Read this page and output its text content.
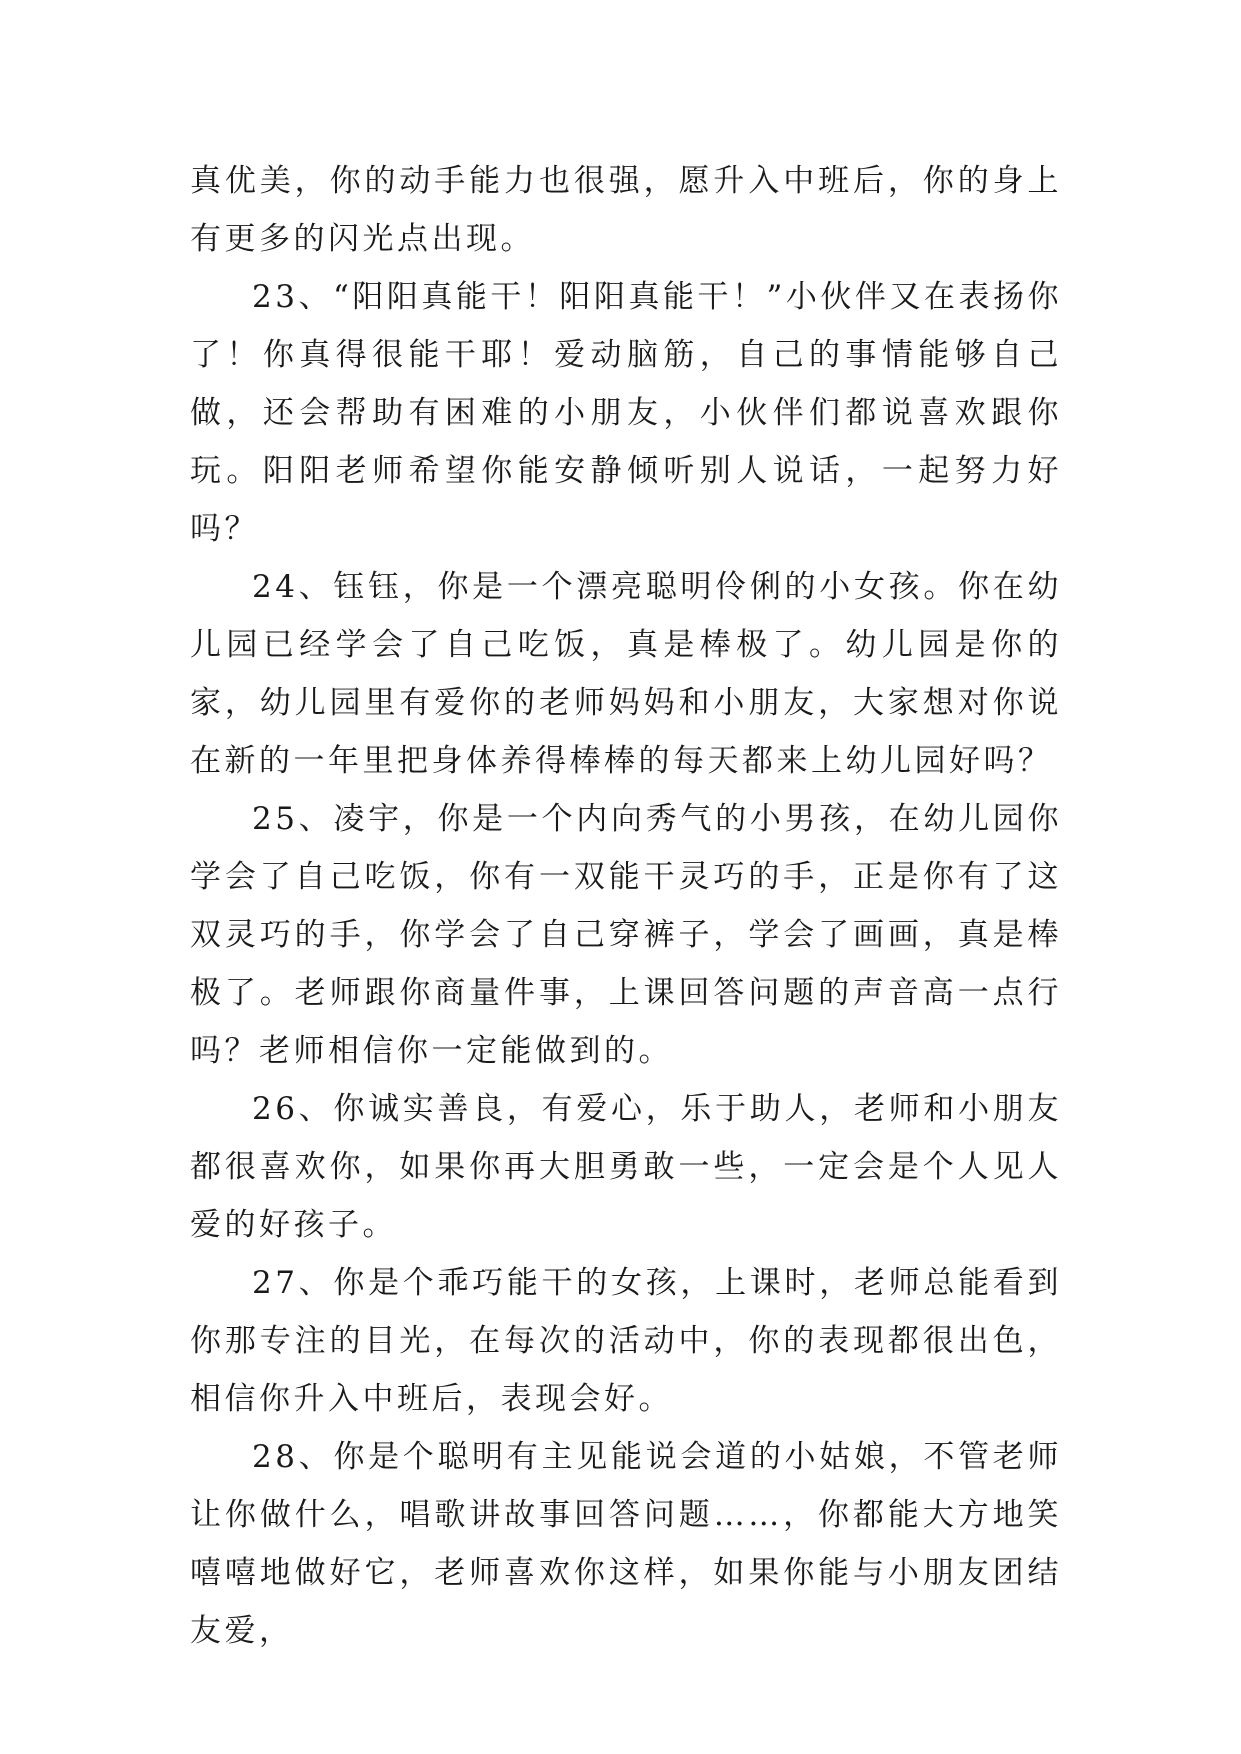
真优美，你的动手能力也很强，愿升入中班后，你的身上有更多的闪光点出现。

23、“阳阳真能干！阳阳真能干！”小伙伴又在表扬你了！你真得很能干耶！爱动脑筋，自己的事情能够自己做，还会帮助有困难的小朋友，小伙伴们都说喜欢跟你玩。阳阳老师希望你能安静倾听别人说话，一起努力好吗？

24、钰钰，你是一个漂亮聪明伶俐的小女孩。你在幼儿园已经学会了自己吃饭，真是棒极了。幼儿园是你的家，幼儿园里有爱你的老师妈妈和小朋友，大家想对你说在新的一年里把身体养得棒棒的每天都来上幼儿园好吗？

25、凌宇，你是一个内向秀气的小男孩，在幼儿园你学会了自己吃饭，你有一双能干灵巧的手，正是你有了这双灵巧的手，你学会了自己穿裤子，学会了画画，真是棒极了。老师跟你商量件事，上课回答问题的声音高一点行吗？老师相信你一定能做到的。

26、你诚实善良，有爱心，乐于助人，老师和小朋友都很喜欢你，如果你再大胆勇敢一些，一定会是个人见人爱的好孩子。

27、你是个乖巧能干的女孩，上课时，老师总能看到你那专注的目光，在每次的活动中，你的表现都很出色，相信你升入中班后，表现会好。

28、你是个聪明有主见能说会道的小姑娘，不管老师让你做什么，唱歌讲故事回答问题……，你都能大方地笑嘻嘻地做好它，老师喜欢你这样，如果你能与小朋友团结友爱，
